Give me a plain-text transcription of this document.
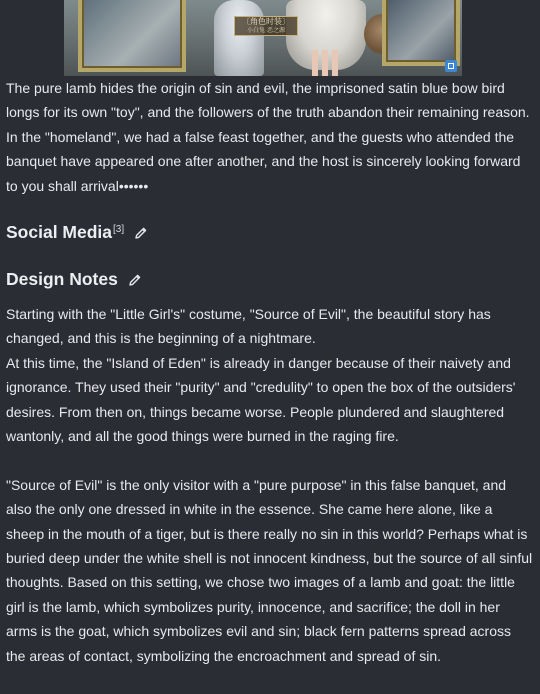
〔角色时装〕
小白兔·恶之源

The pure lamb hides the origin of sin and evil, the imprisoned satin blue bow bird longs for its own "toy", and the followers of the truth abandon their remaining reason. In the "homeland", we had a false feast together, and the guests who attended the banquet have appeared one after another, and the host is sincerely looking forward to you shall arrival••••••

Social Media[3]
Design Notes

Starting with the "Little Girl's" costume, "Source of Evil", the beautiful story has changed, and this is the beginning of a nightmare.

At this time, the "Island of Eden" is already in danger because of their naivety and ignorance. They used their "purity" and "credulity" to open the box of the outsiders' desires. From then on, things became worse. People plundered and slaughtered wantonly, and all the good things were burned in the raging fire.

"Source of Evil" is the only visitor with a "pure purpose" in this false banquet, and also the only one dressed in white in the essence. She came here alone, like a sheep in the mouth of a tiger, but is there really no sin in this world? Perhaps what is buried deep under the white shell is not innocent kindness, but the source of all sinful thoughts. Based on this setting, we chose two images of a lamb and goat: the little girl is the lamb, which symbolizes purity, innocence, and sacrifice; the doll in her arms is the goat, which symbolizes evil and sin; black fern patterns spread across the areas of contact, symbolizing the encroachment and spread of sin.
